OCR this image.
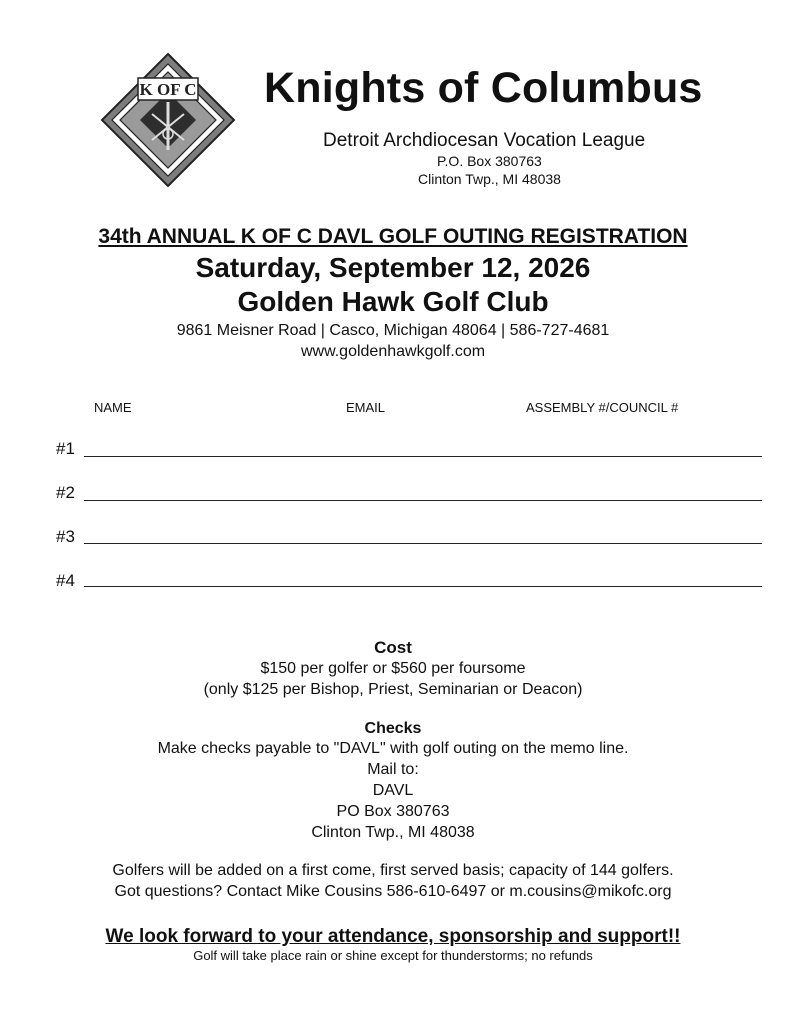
K OF C Knights of Columbus
Detroit Archdiocesan Vocation League
P.O. Box 380763
Clinton Twp., MI 48038
34th ANNUAL K OF C DAVL GOLF OUTING REGISTRATION
Saturday, September 12, 2026
Golden Hawk Golf Club
9861 Meisner Road | Casco, Michigan 48064 | 586-727-4681
www.goldenhawkgolf.com
NAME	EMAIL	ASSEMBLY #/COUNCIL #
#1
#2
#3
#4
Cost
$150 per golfer or $560 per foursome
(only $125 per Bishop, Priest, Seminarian or Deacon)
Checks
Make checks payable to "DAVL" with golf outing on the memo line.
Mail to:
DAVL
PO Box 380763
Clinton Twp., MI 48038
Golfers will be added on a first come, first served basis; capacity of 144 golfers.
Got questions? Contact Mike Cousins 586-610-6497 or m.cousins@mikofc.org
We look forward to your attendance, sponsorship and support!!
Golf will take place rain or shine except for thunderstorms; no refunds
